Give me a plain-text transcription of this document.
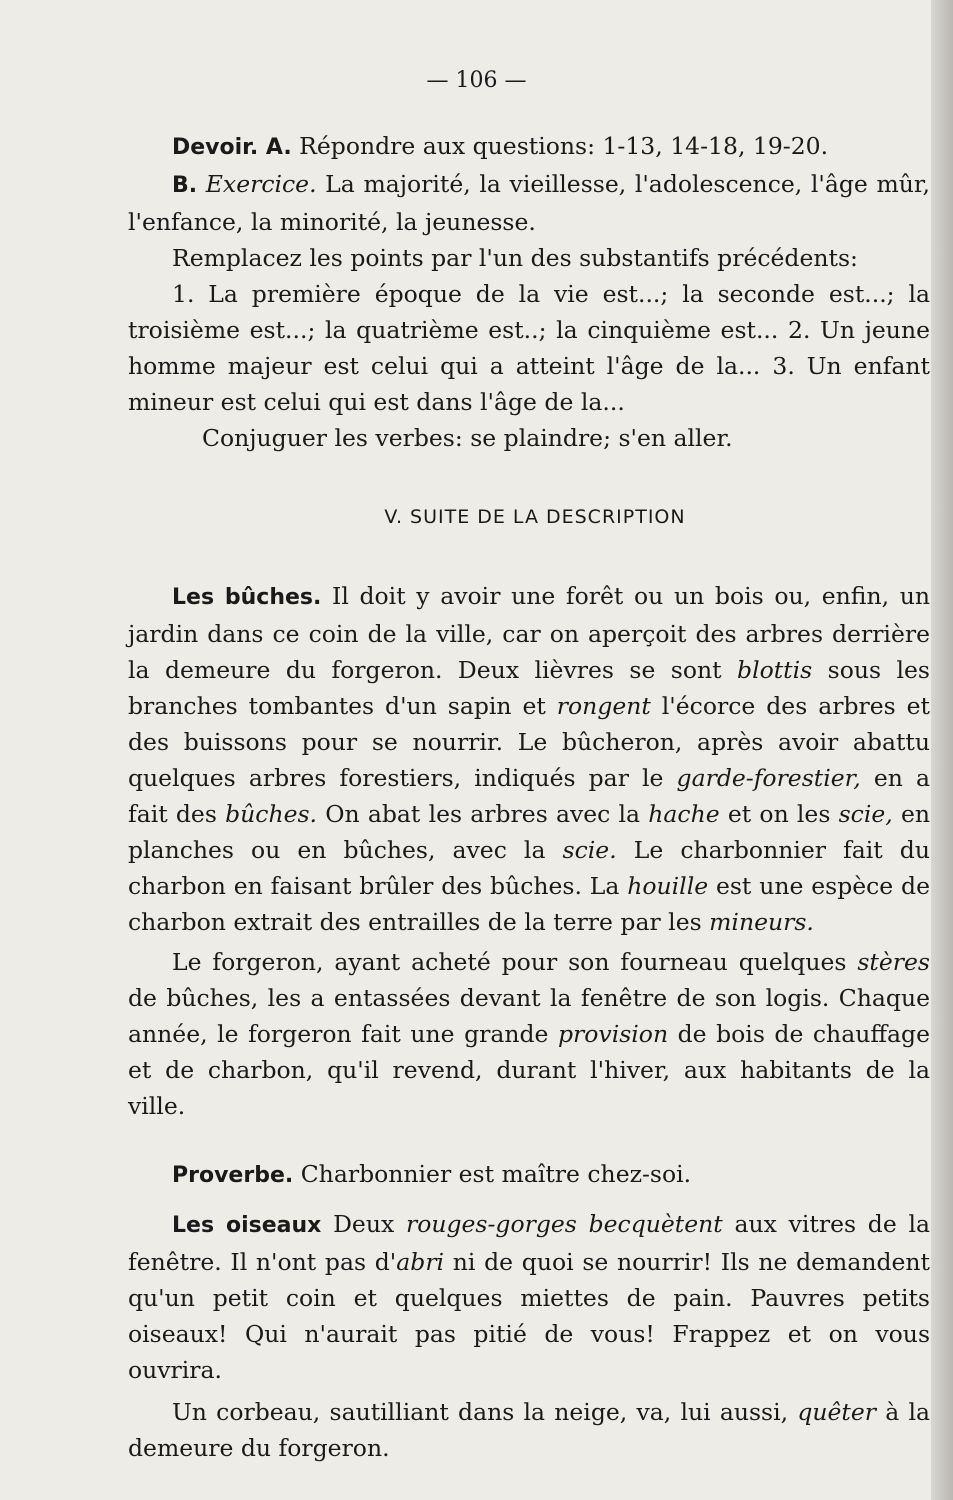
— 106 —
Devoir. A. Répondre aux questions: 1-13, 14-18, 19-20.
B. Exercice. La majorité, la vieillesse, l'adolescence, l'âge mûr, l'enfance, la minorité, la jeunesse.
Remplacez les points par l'un des substantifs précédents:
1. La première époque de la vie est...; la seconde est...; la troisième est...; la quatrième est..; la cinquième est... 2. Un jeune homme majeur est celui qui a atteint l'âge de la... 3. Un enfant mineur est celui qui est dans l'âge de la...
Conjuguer les verbes: se plaindre; s'en aller.
V. SUITE DE LA DESCRIPTION
Les bûches. Il doit y avoir une forêt ou un bois ou, enfin, un jardin dans ce coin de la ville, car on aperçoit des arbres derrière la demeure du forgeron. Deux lièvres se sont blottis sous les branches tombantes d'un sapin et rongent l'écorce des arbres et des buissons pour se nourrir. Le bûcheron, après avoir abattu quelques arbres forestiers, indiqués par le garde-forestier, en a fait des bûches. On abat les arbres avec la hache et on les scie, en planches ou en bûches, avec la scie. Le charbonnier fait du charbon en faisant brûler des bûches. La houille est une espèce de charbon extrait des entrailles de la terre par les mineurs.
Le forgeron, ayant acheté pour son fourneau quelques stères de bûches, les a entassées devant la fenêtre de son logis. Chaque année, le forgeron fait une grande provision de bois de chauffage et de charbon, qu'il revend, durant l'hiver, aux habitants de la ville.
Proverbe. Charbonnier est maître chez-soi.
Les oiseaux Deux rouges-gorges becquètent aux vitres de la fenêtre. Il n'ont pas d'abri ni de quoi se nourrir! Ils ne demandent qu'un petit coin et quelques miettes de pain. Pauvres petits oiseaux! Qui n'aurait pas pitié de vous! Frappez et on vous ouvrira.
Un corbeau, sautilliant dans la neige, va, lui aussi, quêter à la demeure du forgeron.
